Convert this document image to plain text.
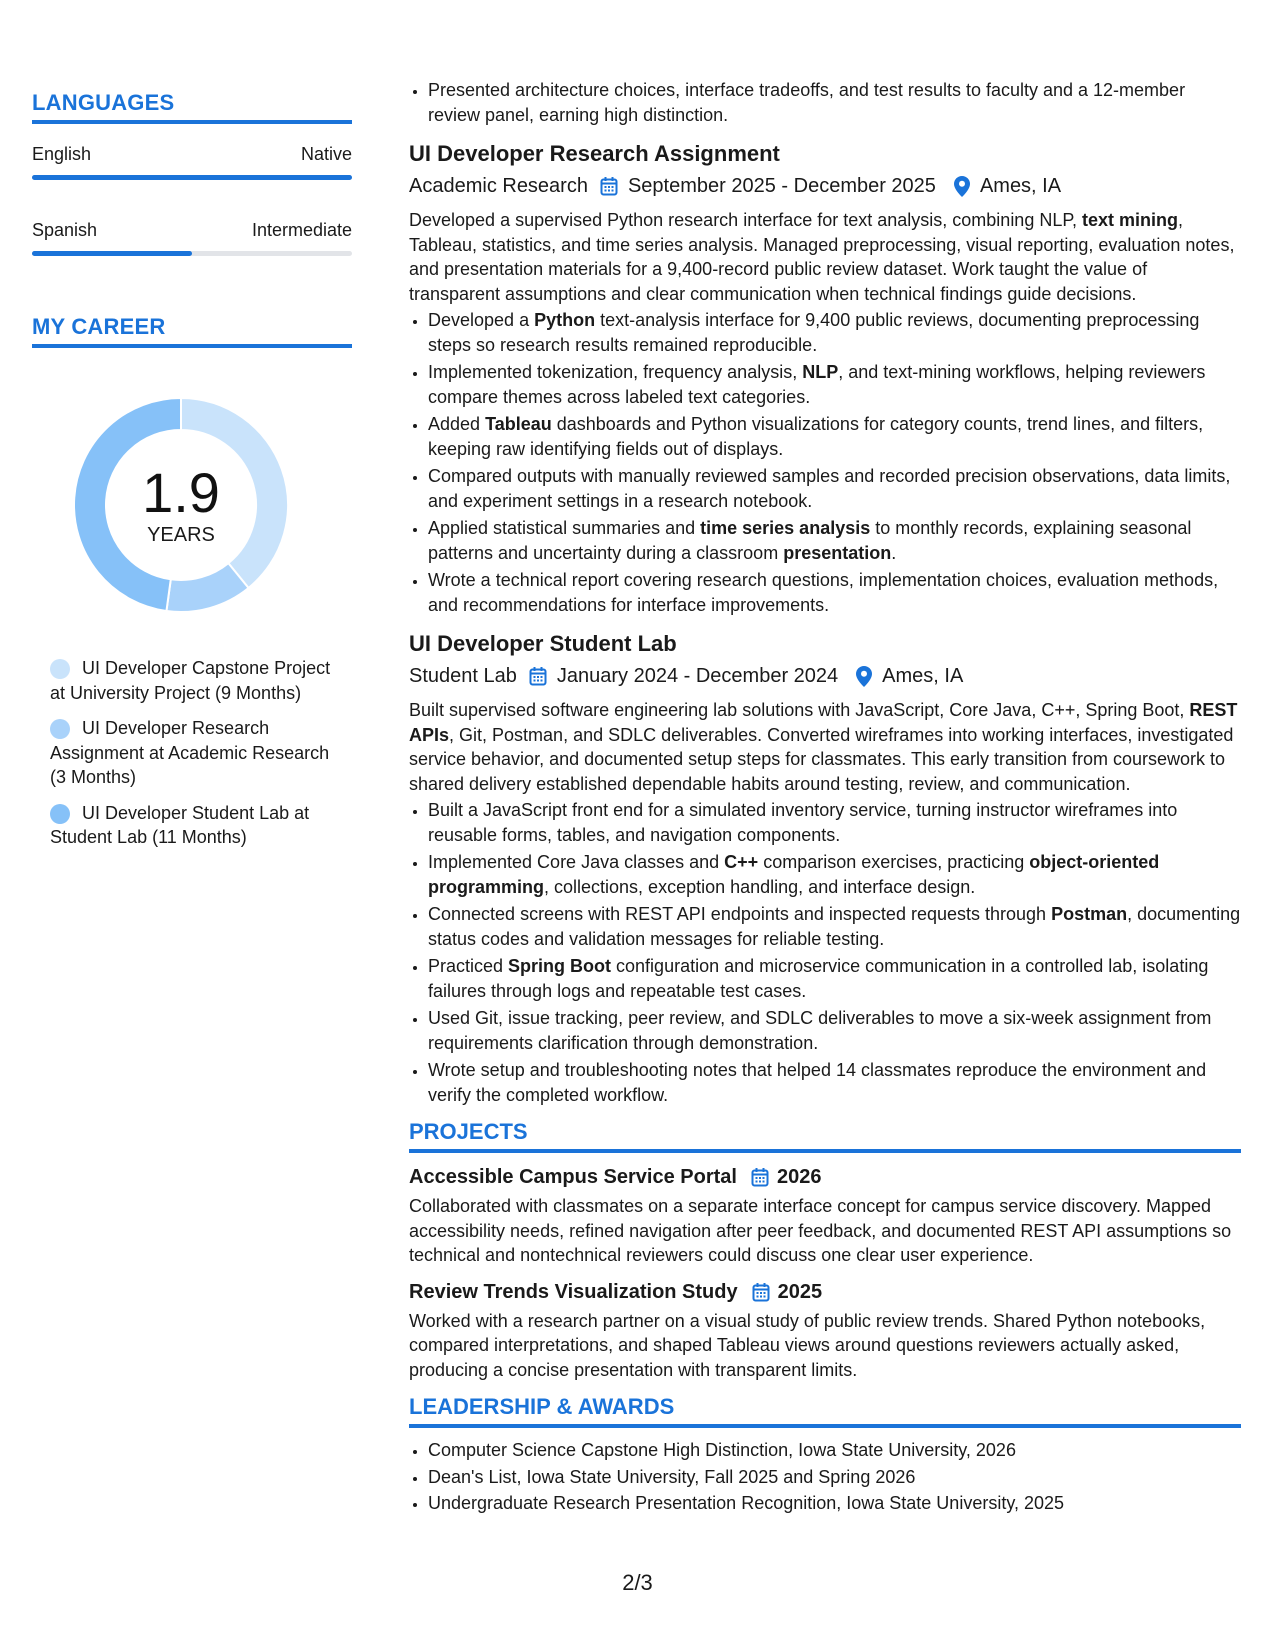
LANGUAGES
English	Native
Spanish	Intermediate
MY CAREER
1.9
YEARS
UI Developer Capstone Project at University Project (9 Months)
UI Developer Research Assignment at Academic Research (3 Months)
UI Developer Student Lab at Student Lab (11 Months)
• Presented architecture choices, interface tradeoffs, and test results to faculty and a 12-member review panel, earning high distinction.
UI Developer Research Assignment
Academic Research September 2025 - December 2025 Ames, IA
Developed a supervised Python research interface for text analysis, combining NLP, text mining, Tableau, statistics, and time series analysis. Managed preprocessing, visual reporting, evaluation notes, and presentation materials for a 9,400-record public review dataset. Work taught the value of transparent assumptions and clear communication when technical findings guide decisions.
• Developed a Python text-analysis interface for 9,400 public reviews, documenting preprocessing steps so research results remained reproducible.
• Implemented tokenization, frequency analysis, NLP, and text-mining workflows, helping reviewers compare themes across labeled text categories.
• Added Tableau dashboards and Python visualizations for category counts, trend lines, and filters, keeping raw identifying fields out of displays.
• Compared outputs with manually reviewed samples and recorded precision observations, data limits, and experiment settings in a research notebook.
• Applied statistical summaries and time series analysis to monthly records, explaining seasonal patterns and uncertainty during a classroom presentation.
• Wrote a technical report covering research questions, implementation choices, evaluation methods, and recommendations for interface improvements.
UI Developer Student Lab
Student Lab January 2024 - December 2024 Ames, IA
Built supervised software engineering lab solutions with JavaScript, Core Java, C++, Spring Boot, REST APIs, Git, Postman, and SDLC deliverables. Converted wireframes into working interfaces, investigated service behavior, and documented setup steps for classmates. This early transition from coursework to shared delivery established dependable habits around testing, review, and communication.
• Built a JavaScript front end for a simulated inventory service, turning instructor wireframes into reusable forms, tables, and navigation components.
• Implemented Core Java classes and C++ comparison exercises, practicing object-oriented programming, collections, exception handling, and interface design.
• Connected screens with REST API endpoints and inspected requests through Postman, documenting status codes and validation messages for reliable testing.
• Practiced Spring Boot configuration and microservice communication in a controlled lab, isolating failures through logs and repeatable test cases.
• Used Git, issue tracking, peer review, and SDLC deliverables to move a six-week assignment from requirements clarification through demonstration.
• Wrote setup and troubleshooting notes that helped 14 classmates reproduce the environment and verify the completed workflow.
PROJECTS
Accessible Campus Service Portal 2026
Collaborated with classmates on a separate interface concept for campus service discovery. Mapped accessibility needs, refined navigation after peer feedback, and documented REST API assumptions so technical and nontechnical reviewers could discuss one clear user experience.
Review Trends Visualization Study 2025
Worked with a research partner on a visual study of public review trends. Shared Python notebooks, compared interpretations, and shaped Tableau views around questions reviewers actually asked, producing a concise presentation with transparent limits.
LEADERSHIP & AWARDS
• Computer Science Capstone High Distinction, Iowa State University, 2026
• Dean's List, Iowa State University, Fall 2025 and Spring 2026
• Undergraduate Research Presentation Recognition, Iowa State University, 2025
2/3
